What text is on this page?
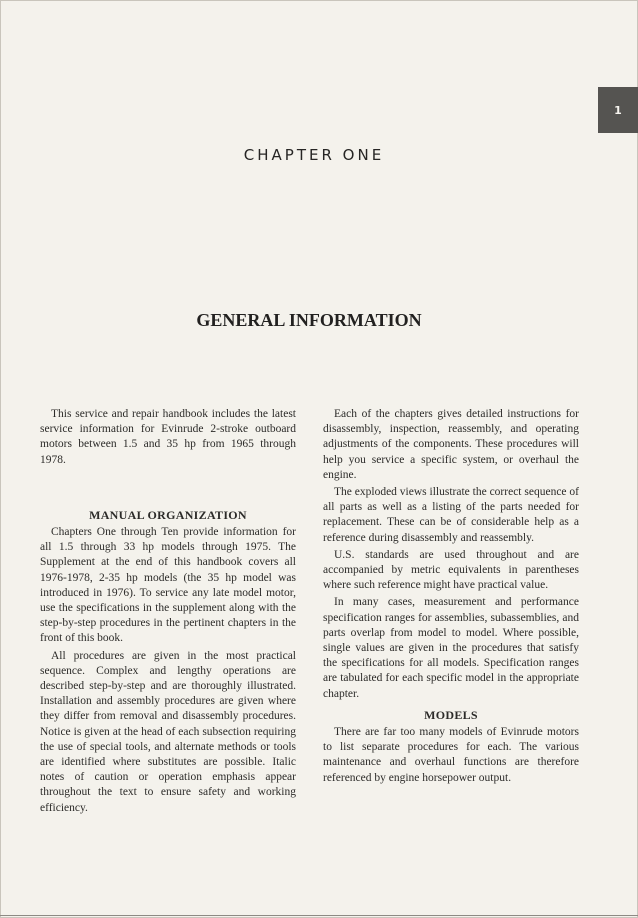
1
CHAPTER ONE
GENERAL INFORMATION

This service and repair handbook includes the latest service information for Evinrude 2-stroke outboard motors between 1.5 and 35 hp from 1965 through 1978.

MANUAL ORGANIZATION

Chapters One through Ten provide information for all 1.5 through 33 hp models through 1975. The Supplement at the end of this handbook covers all 1976-1978, 2-35 hp models (the 35 hp model was introduced in 1976). To service any late model motor, use the specifications in the supplement along with the step-by-step procedures in the pertinent chapters in the front of this book.

All procedures are given in the most practical sequence. Complex and lengthy operations are described step-by-step and are thoroughly illustrated. Installation and assembly procedures are given where they differ from removal and disassembly procedures. Notice is given at the head of each subsection requiring the use of special tools, and alternate methods or tools are identified where substitutes are possible. Italic notes of caution or operation emphasis appear throughout the text to ensure safety and working efficiency.

Each of the chapters gives detailed instructions for disassembly, inspection, reassembly, and operating adjustments of the components. These procedures will help you service a specific system, or overhaul the engine.

The exploded views illustrate the correct sequence of all parts as well as a listing of the parts needed for replacement. These can be of considerable help as a reference during disassembly and reassembly.

U.S. standards are used throughout and are accompanied by metric equivalents in parentheses where such reference might have practical value.

In many cases, measurement and performance specification ranges for assemblies, subassemblies, and parts overlap from model to model. Where possible, single values are given in the procedures that satisfy the specifications for all models. Specification ranges are tabulated for each specific model in the appropriate chapter.

MODELS

There are far too many models of Evinrude motors to list separate procedures for each. The various maintenance and overhaul functions are therefore referenced by engine horsepower output.
